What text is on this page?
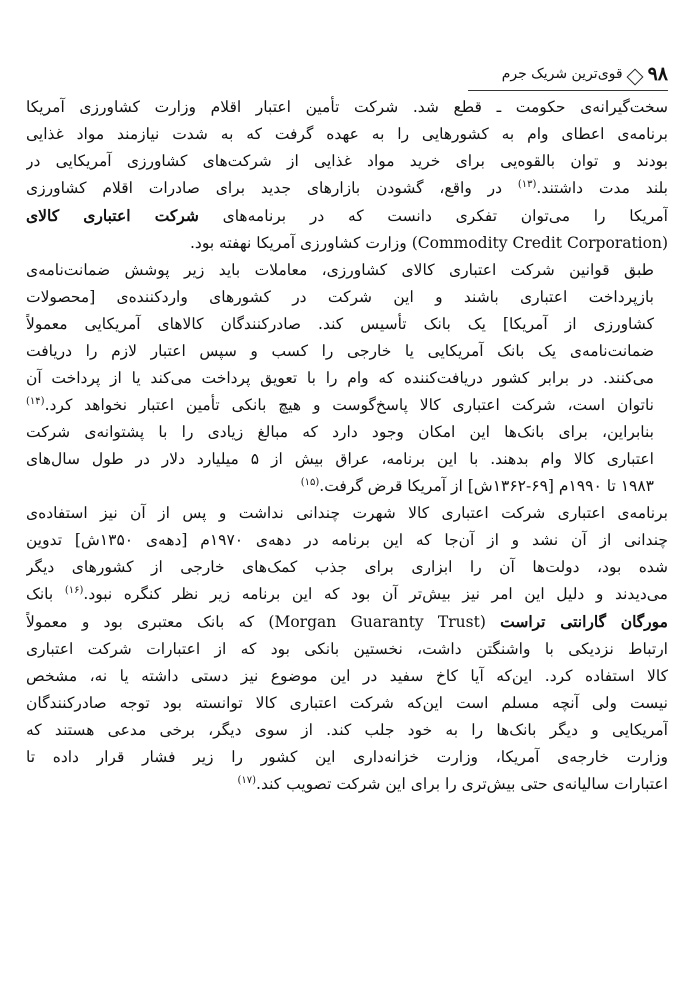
۹۸
قوی‌ترین شریک جرم

سخت‌گیرانه‌ی حکومت ـ قطع شد. شرکت تأمین اعتبار اقلام وزارت کشاورزی آمریکا
برنامه‌ی اعطای وام به کشورهایی را به عهده گرفت که به شدت نیازمند مواد غذایی
بودند و توان بالقوه‌یی برای خرید مواد غذایی از شرکت‌های کشاورزی آمریکایی در
بلند مدت داشتند.$^{(۱۳)}$ در واقع، گشودن بازارهای جدید برای صادرات اقلام کشاورزی
آمریکا را می‌توان تفکری دانست که در برنامه‌های شرکت اعتباری کالای
(Commodity Credit Corporation) وزارت کشاورزی آمریکا نهفته بود.

طبق قوانین شرکت اعتباری کالای کشاورزی، معاملات باید زیر پوشش ضمانت‌نامه‌ی
بازپرداخت اعتباری باشند و این شرکت در کشورهای واردکننده‌ی [محصولات
کشاورزی از آمریکا] یک بانک تأسیس کند. صادرکنندگان کالاهای آمریکایی معمولاً
ضمانت‌نامه‌ی یک بانک آمریکایی یا خارجی را کسب و سپس اعتبار لازم را دریافت
می‌کنند. در برابر کشور دریافت‌کننده که وام را با تعویق پرداخت می‌کند یا از پرداخت آن
ناتوان است، شرکت اعتباری کالا پاسخ‌گوست و هیچ بانکی تأمین اعتبار نخواهد کرد.$^{(۱۴)}$
بنابراین، برای بانک‌ها این امکان وجود دارد که مبالغ زیادی را با پشتوانه‌ی شرکت
اعتباری کالا وام بدهند. با این برنامه، عراق بیش از ۵ میلیارد دلار در طول سال‌های
۱۹۸۳ تا ۱۹۹۰م [۶۹-۱۳۶۲ش] از آمریکا قرض گرفت.$^{(۱۵)}$

برنامه‌ی اعتباری شرکت اعتباری کالا شهرت چندانی نداشت و پس از آن نیز استفاده‌ی
چندانی از آن نشد و از آن‌جا که این برنامه در دهه‌ی ۱۹۷۰م [دهه‌ی ۱۳۵۰ش] تدوین
شده بود، دولت‌ها آن را ابزاری برای جذب کمک‌های خارجی از کشورهای دیگر
می‌دیدند و دلیل این امر نیز بیش‌تر آن بود که این برنامه زیر نظر کنگره نبود.$^{(۱۶)}$ بانک
مورگان گارانتی تراست (Morgan Guaranty Trust) که بانک معتبری بود و معمولاً
ارتباط نزدیکی با واشنگتن داشت، نخستین بانکی بود که از اعتبارات شرکت اعتباری
کالا استفاده کرد. این‌که آیا کاخ سفید در این موضوع نیز دستی داشته یا نه، مشخص
نیست ولی آنچه مسلم است این‌که شرکت اعتباری کالا توانسته بود توجه صادرکنندگان
آمریکایی و دیگر بانک‌ها را به خود جلب کند. از سوی دیگر، برخی مدعی هستند که
وزارت خارجه‌ی آمریکا، وزارت خزانه‌داری این کشور را زیر فشار قرار داده تا
اعتبارات سالیانه‌ی حتی بیش‌تری را برای این شرکت تصویب کند.$^{(۱۷)}$
